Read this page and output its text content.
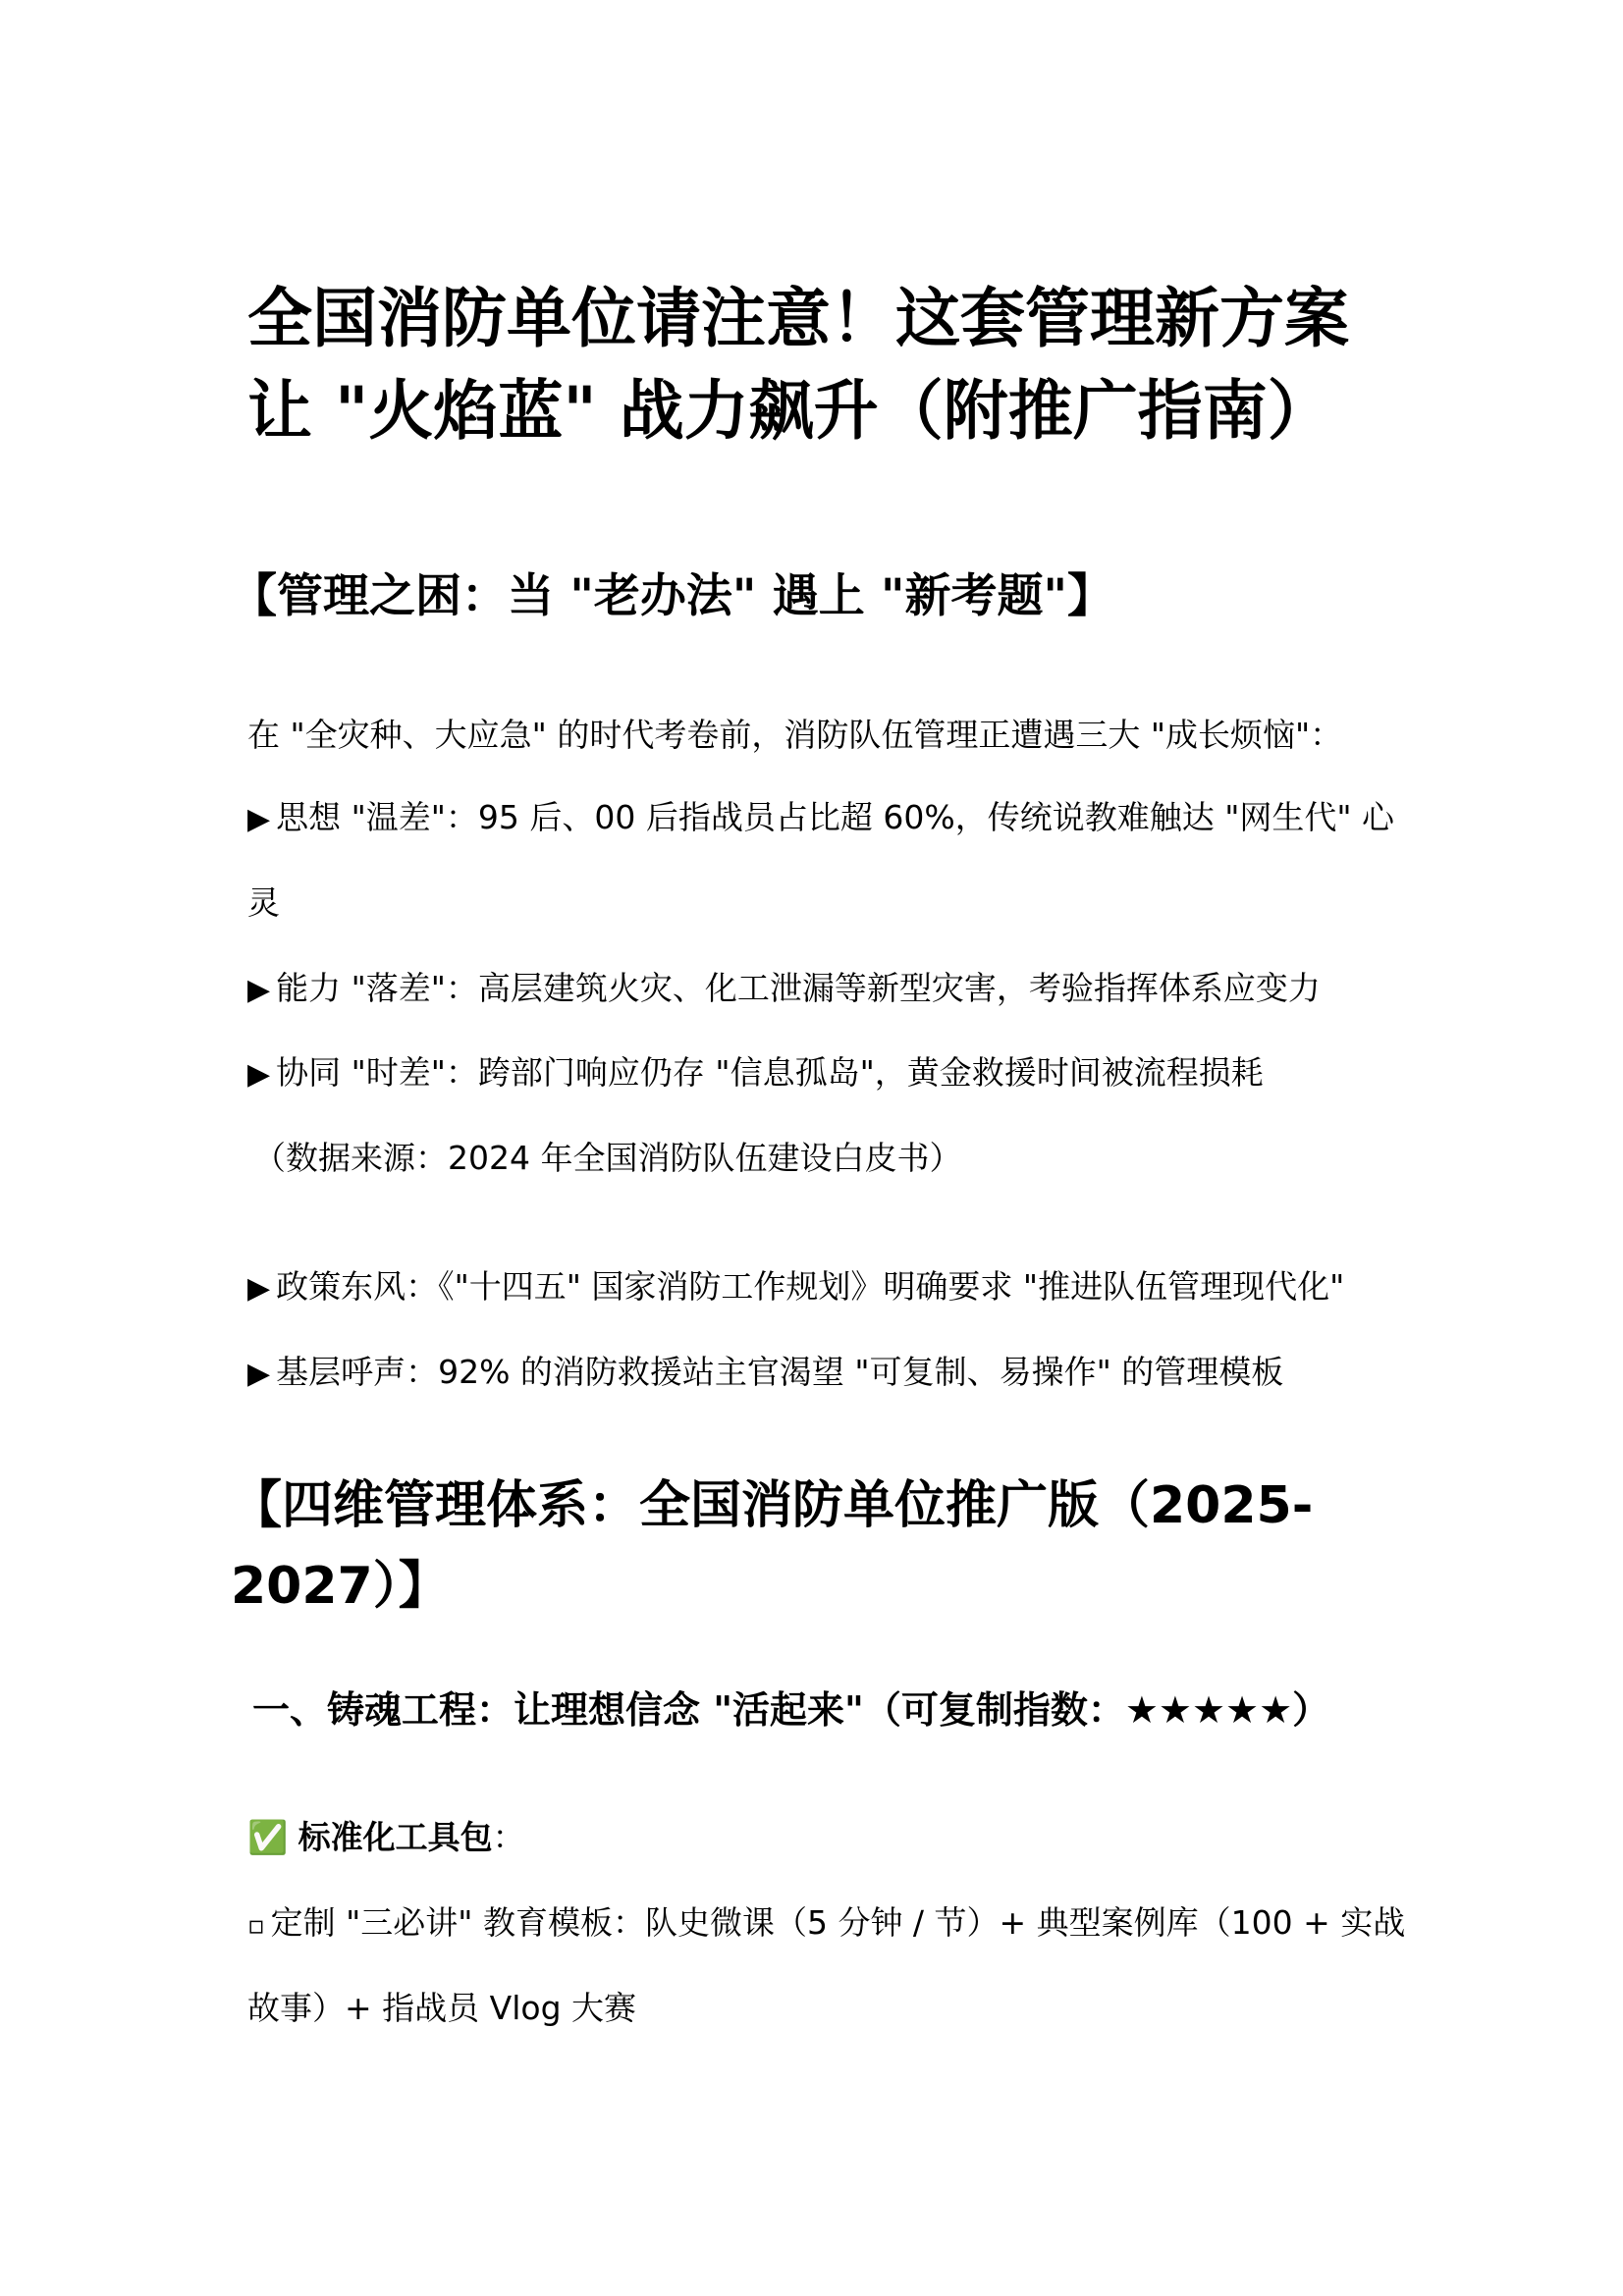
全国消防单位请注意！这套管理新方案
让 "火焰蓝" 战力飙升（附推广指南）
【管理之困：当 "老办法" 遇上 "新考题"】

在 "全灾种、大应急" 的时代考卷前，消防队伍管理正遭遇三大 "成长烦恼"：

▶ 思想 "温差"：95 后、00 后指战员占比超 60%，传统说教难触达 "网生代" 心

灵

▶ 能力 "落差"：高层建筑火灾、化工泄漏等新型灾害，考验指挥体系应变力

▶ 协同 "时差"：跨部门响应仍存 "信息孤岛"，黄金救援时间被流程损耗

（数据来源：2024 年全国消防队伍建设白皮书）

▶ 政策东风：《"十四五" 国家消防工作规划》明确要求 "推进队伍管理现代化"

▶ 基层呼声：92% 的消防救援站主官渴望 "可复制、易操作" 的管理模板

【四维管理体系：全国消防单位推广版（2025-
2027）】
一、铸魂工程：让理想信念 "活起来"（可复制指数：★★★★★）

✅ 标准化工具包：

▫ 定制 "三必讲" 教育模板：队史微课（5 分钟 / 节）+ 典型案例库（100 + 实战

故事）+ 指战员 Vlog 大赛
